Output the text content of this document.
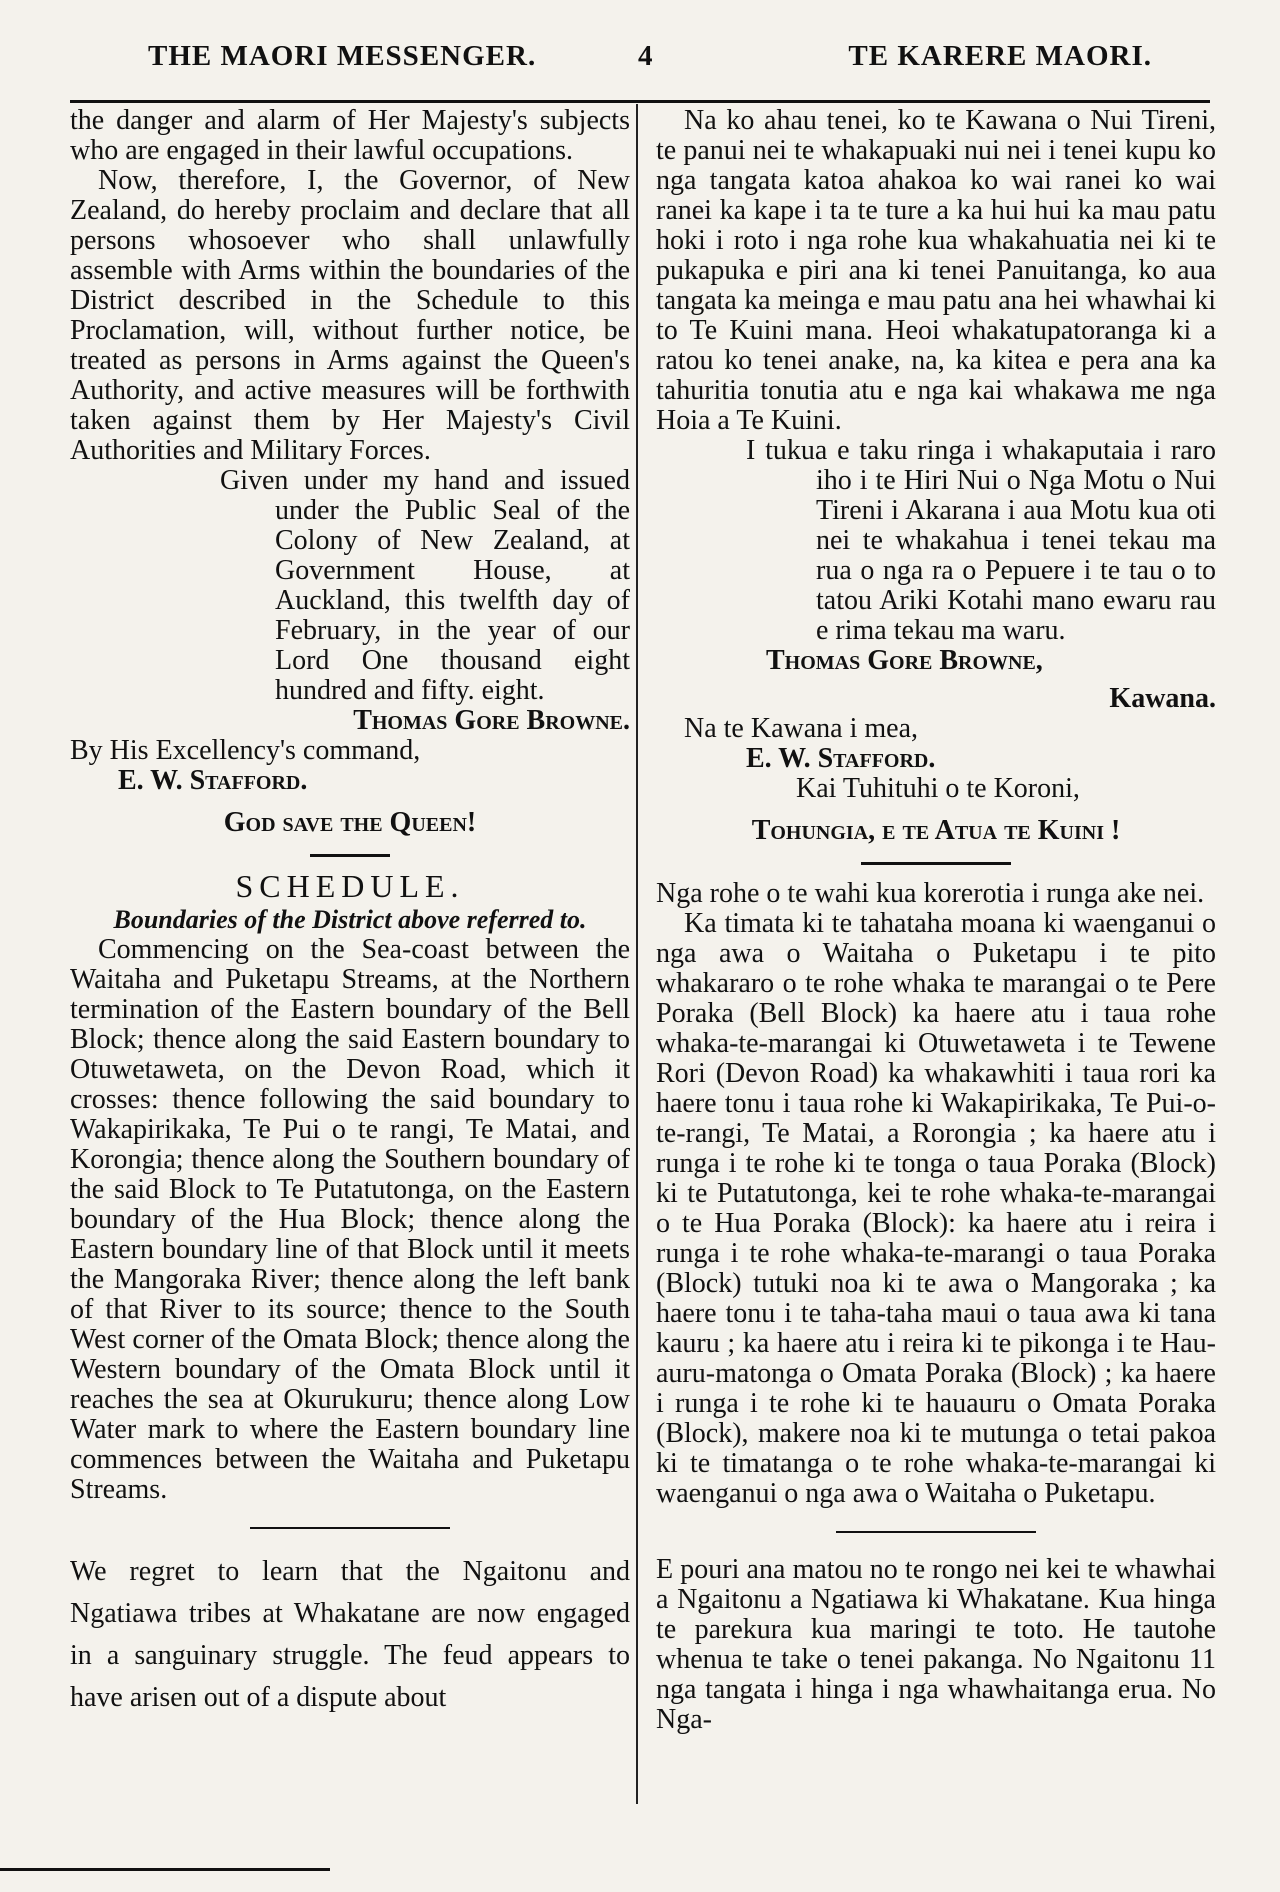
THE MAORI MESSENGER.	4	TE KARERE MAORI.

the danger and alarm of Her Majesty's subjects who are engaged in their lawful occupations.

Now, therefore, I, the Governor, of New Zealand, do hereby proclaim and declare that all persons whosoever who shall unlawfully assemble with Arms within the boundaries of the District described in the Schedule to this Proclamation, will, without further notice, be treated as persons in Arms against the Queen's Authority, and active measures will be forthwith taken against them by Her Majesty's Civil Authorities and Military Forces.

Given under my hand and issued under the Public Seal of the Colony of New Zealand, at Government House, at Auckland, this twelfth day of February, in the year of our Lord One thousand eight hundred and fifty. eight.

Thomas Gore Browne.

By His Excellency's command,

E. W. Stafford.

God save the Queen!

SCHEDULE.

Boundaries of the District above referred to.

Commencing on the Sea-coast between the Waitaha and Puketapu Streams, at the Northern termination of the Eastern boundary of the Bell Block; thence along the said Eastern boundary to Otuwetaweta, on the Devon Road, which it crosses: thence following the said boundary to Wakapirikaka, Te Pui o te rangi, Te Matai, and Korongia; thence along the Southern boundary of the said Block to Te Putatutonga, on the Eastern boundary of the Hua Block; thence along the Eastern boundary line of that Block until it meets the Mangoraka River; thence along the left bank of that River to its source; thence to the South West corner of the Omata Block; thence along the Western boundary of the Omata Block until it reaches the sea at Okurukuru; thence along Low Water mark to where the Eastern boundary line commences between the Waitaha and Puketapu Streams.

We regret to learn that the Ngaitonu and Ngatiawa tribes at Whakatane are now engaged in a sanguinary struggle. The feud appears to have arisen out of a dispute about

Na ko ahau tenei, ko te Kawana o Nui Tireni, te panui nei te whakapuaki nui nei i tenei kupu ko nga tangata katoa ahakoa ko wai ranei ko wai ranei ka kape i ta te ture a ka hui hui ka mau patu hoki i roto i nga rohe kua whakahuatia nei ki te pukapuka e piri ana ki tenei Panuitanga, ko aua tangata ka meinga e mau patu ana hei whawhai ki to Te Kuini mana. Heoi whakatupatoranga ki a ratou ko tenei anake, na, ka kitea e pera ana ka tahuritia tonutia atu e nga kai whakawa me nga Hoia a Te Kuini.

I tukua e taku ringa i whakaputaia i raro iho i te Hiri Nui o Nga Motu o Nui Tireni i Akarana i aua Motu kua oti nei te whakahua i tenei tekau ma rua o nga ra o Pepuere i te tau o to tatou Ariki Kotahi mano ewaru rau e rima tekau ma waru.

Thomas Gore Browne,

Kawana.

Na te Kawana i mea,

E. W. Stafford.

Kai Tuhituhi o te Koroni,

Tohungia, e te Atua te Kuini !

Nga rohe o te wahi kua korerotia i runga ake nei.

Ka timata ki te tahataha moana ki waenganui o nga awa o Waitaha o Puketapu i te pito whakararo o te rohe whaka te marangai o te Pere Poraka (Bell Block) ka haere atu i taua rohe whaka-te-marangai ki Otuwetaweta i te Tewene Rori (Devon Road) ka whakawhiti i taua rori ka haere tonu i taua rohe ki Wakapirikaka, Te Pui-o-te-rangi, Te Matai, a Rorongia ; ka haere atu i runga i te rohe ki te tonga o taua Poraka (Block) ki te Putatutonga, kei te rohe whaka-te-marangai o te Hua Poraka (Block): ka haere atu i reira i runga i te rohe whaka-te-marangi o taua Poraka (Block) tutuki noa ki te awa o Mangoraka ; ka haere tonu i te taha-taha maui o taua awa ki tana kauru ; ka haere atu i reira ki te pikonga i te Hau-auru-matonga o Omata Poraka (Block) ; ka haere i runga i te rohe ki te hauauru o Omata Poraka (Block), makere noa ki te mutunga o tetai pakoa ki te timatanga o te rohe whaka-te-marangai ki waenganui o nga awa o Waitaha o Puketapu.

E pouri ana matou no te rongo nei kei te whawhai a Ngaitonu a Ngatiawa ki Whakatane. Kua hinga te parekura kua maringi te toto. He tautohe whenua te take o tenei pakanga. No Ngaitonu 11 nga tangata i hinga i nga whawhaitanga erua. No Nga-
